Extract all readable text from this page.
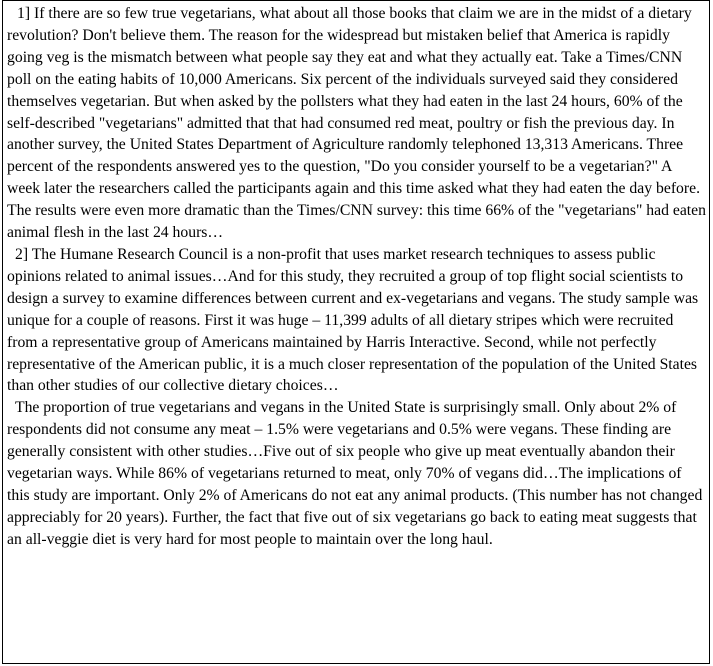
1] If there are so few true vegetarians, what about all those books that claim we are in the midst of a dietary revolution? Don't believe them. The reason for the widespread but mistaken belief that America is rapidly going veg is the mismatch between what people say they eat and what they actually eat. Take a Times/CNN poll on the eating habits of 10,000 Americans. Six percent of the individuals surveyed said they considered themselves vegetarian. But when asked by the pollsters what they had eaten in the last 24 hours, 60% of the self-described "vegetarians" admitted that that had consumed red meat, poultry or fish the previous day. In another survey, the United States Department of Agriculture randomly telephoned 13,313 Americans. Three percent of the respondents answered yes to the question, "Do you consider yourself to be a vegetarian?" A week later the researchers called the participants again and this time asked what they had eaten the day before. The results were even more dramatic than the Times/CNN survey: this time 66% of the "vegetarians" had eaten animal flesh in the last 24 hours…

2] The Humane Research Council is a non-profit that uses market research techniques to assess public opinions related to animal issues…And for this study, they recruited a group of top flight social scientists to design a survey to examine differences between current and ex-vegetarians and vegans. The study sample was unique for a couple of reasons. First it was huge – 11,399 adults of all dietary stripes which were recruited from a representative group of Americans maintained by Harris Interactive. Second, while not perfectly representative of the American public, it is a much closer representation of the population of the United States than other studies of our collective dietary choices…

The proportion of true vegetarians and vegans in the United State is surprisingly small. Only about 2% of respondents did not consume any meat – 1.5% were vegetarians and 0.5% were vegans. These finding are generally consistent with other studies…Five out of six people who give up meat eventually abandon their vegetarian ways. While 86% of vegetarians returned to meat, only 70% of vegans did…The implications of this study are important. Only 2% of Americans do not eat any animal products. (This number has not changed appreciably for 20 years). Further, the fact that five out of six vegetarians go back to eating meat suggests that an all-veggie diet is very hard for most people to maintain over the long haul.
